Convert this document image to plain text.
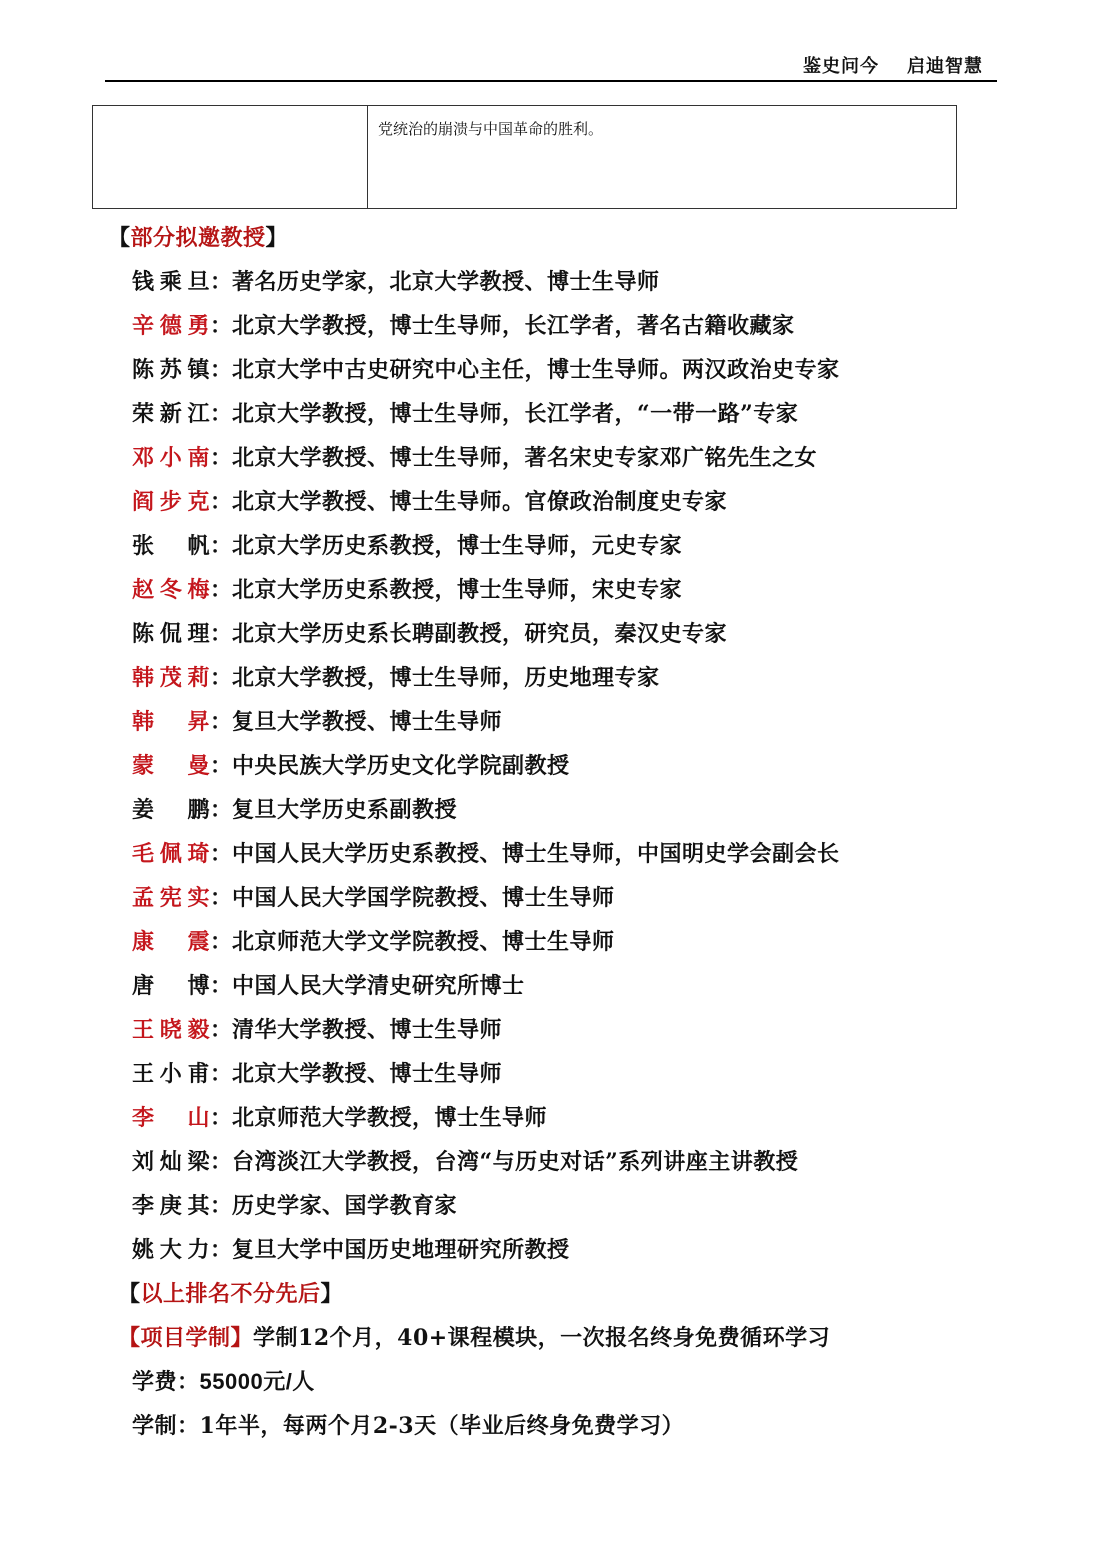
鉴史问今 启迪智慧
党统治的崩溃与中国革命的胜利。
【部分拟邀教授】
钱乘旦：著名历史学家，北京大学教授、博士生导师
辛德勇：北京大学教授，博士生导师，长江学者，著名古籍收藏家
陈苏镇：北京大学中古史研究中心主任，博士生导师。两汉政治史专家
荣新江：北京大学教授，博士生导师，长江学者，“一带一路”专家
邓小南：北京大学教授、博士生导师，著名宋史专家邓广铭先生之女
阎步克：北京大学教授、博士生导师。官僚政治制度史专家
张 帆 ：北京大学历史系教授，博士生导师，元史专家
赵冬梅：北京大学历史系教授，博士生导师，宋史专家
陈侃理：北京大学历史系长聘副教授，研究员，秦汉史专家
韩茂莉：北京大学教授，博士生导师，历史地理专家
韩 昇 ：复旦大学教授、博士生导师
蒙 曼 ：中央民族大学历史文化学院副教授
姜 鹏 ：复旦大学历史系副教授
毛佩琦：中国人民大学历史系教授、博士生导师，中国明史学会副会长
孟宪实：中国人民大学国学院教授、博士生导师
康 震 ：北京师范大学文学院教授、博士生导师
唐 博 ：中国人民大学清史研究所博士
王晓毅：清华大学教授、博士生导师
王小甫：北京大学教授、博士生导师
李 山 ：北京师范大学教授，博士生导师
刘灿梁：台湾淡江大学教授，台湾“与历史对话”系列讲座主讲教授
李庚其：历史学家、国学教育家
姚大力：复旦大学中国历史地理研究所教授
【以上排名不分先后】
【项目学制】学制12个月，40+课程模块，一次报名终身免费循环学习
学费：55000元/人
学制：1年半，每两个月2-3天（毕业后终身免费学习）
